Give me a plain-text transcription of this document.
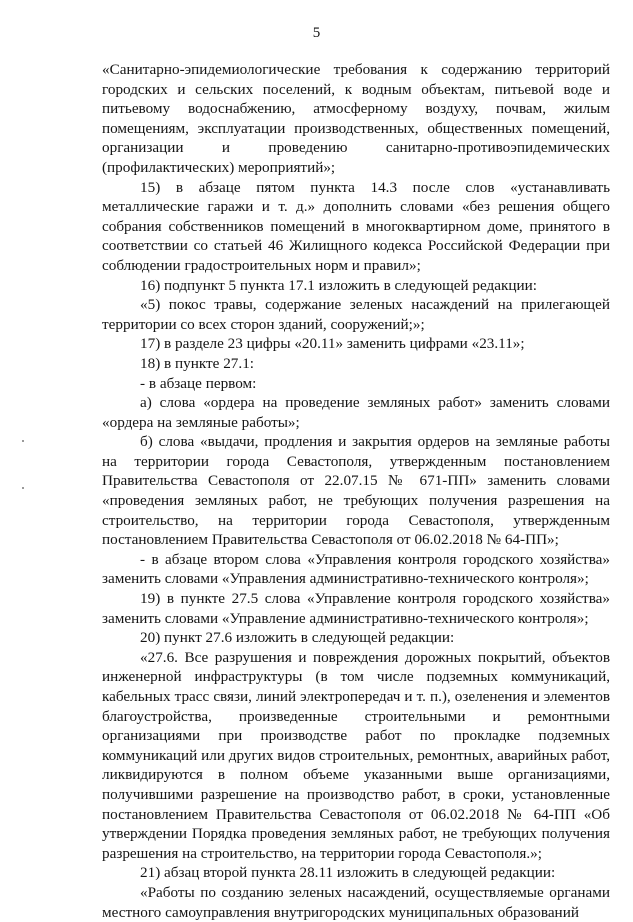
5

«Санитарно-эпидемиологические требования к содержанию территорий городских и сельских поселений, к водным объектам, питьевой воде и питьевому водоснабжению, атмосферному воздуху, почвам, жилым помещениям, эксплуатации производственных, общественных помещений, организации и проведению санитарно-противоэпидемических (профилактических) мероприятий»;

15) в абзаце пятом пункта 14.3 после слов «устанавливать металлические гаражи и т. д.» дополнить словами «без решения общего собрания собственников помещений в многоквартирном доме, принятого в соответствии со статьей 46 Жилищного кодекса Российской Федерации при соблюдении градостроительных норм и правил»;

16) подпункт 5 пункта 17.1 изложить в следующей редакции:

«5) покос травы, содержание зеленых насаждений на прилегающей территории со всех сторон зданий, сооружений;»;

17) в разделе 23 цифры «20.11» заменить цифрами «23.11»;

18) в пункте 27.1:

- в абзаце первом:

а) слова «ордера на проведение земляных работ» заменить словами «ордера на земляные работы»;

б) слова «выдачи, продления и закрытия ордеров на земляные работы на территории города Севастополя, утвержденным постановлением Правительства Севастополя от 22.07.15 № 671-ПП» заменить словами «проведения земляных работ, не требующих получения разрешения на строительство, на территории города Севастополя, утвержденным постановлением Правительства Севастополя от 06.02.2018 № 64-ПП»;

- в абзаце втором слова «Управления контроля городского хозяйства» заменить словами «Управления административно-технического контроля»;

19) в пункте 27.5 слова «Управление контроля городского хозяйства» заменить словами «Управление административно-технического контроля»;

20) пункт 27.6 изложить в следующей редакции:

«27.6. Все разрушения и повреждения дорожных покрытий, объектов инженерной инфраструктуры (в том числе подземных коммуникаций, кабельных трасс связи, линий электропередач и т. п.), озеленения и элементов благоустройства, произведенные строительными и ремонтными организациями при производстве работ по прокладке подземных коммуникаций или других видов строительных, ремонтных, аварийных работ, ликвидируются в полном объеме указанными выше организациями, получившими разрешение на производство работ, в сроки, установленные постановлением Правительства Севастополя от 06.02.2018 № 64-ПП «Об утверждении Порядка проведения земляных работ, не требующих получения разрешения на строительство, на территории города Севастополя.»;

21) абзац второй пункта 28.11 изложить в следующей редакции:

«Работы по созданию зеленых насаждений, осуществляемые органами местного самоуправления внутригородских муниципальных образований
